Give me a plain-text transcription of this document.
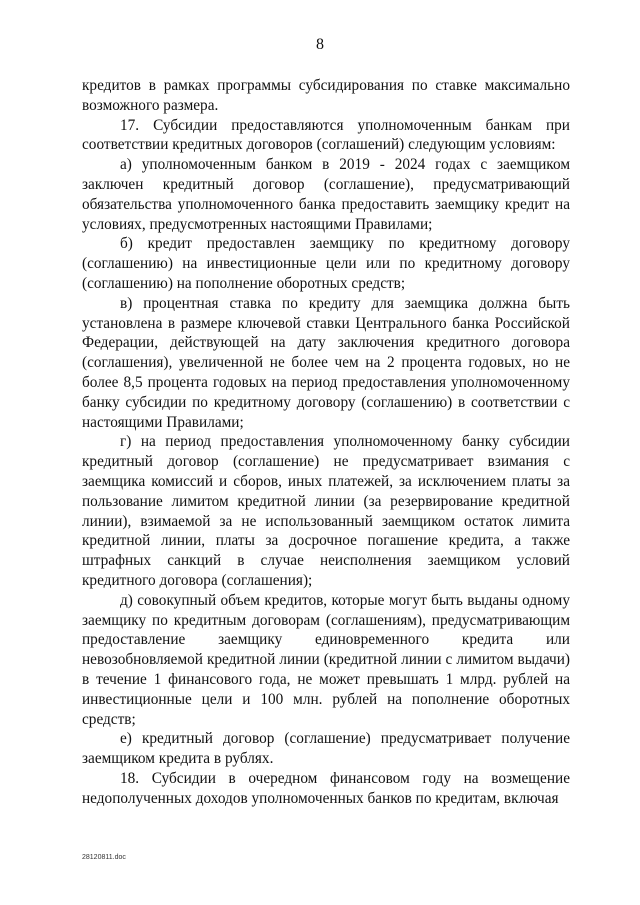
8

кредитов в рамках программы субсидирования по ставке максимально возможного размера.

17. Субсидии предоставляются уполномоченным банкам при соответствии кредитных договоров (соглашений) следующим условиям:

а) уполномоченным банком в 2019 - 2024 годах с заемщиком заключен кредитный договор (соглашение), предусматривающий обязательства уполномоченного банка предоставить заемщику кредит на условиях, предусмотренных настоящими Правилами;

б) кредит предоставлен заемщику по кредитному договору (соглашению) на инвестиционные цели или по кредитному договору (соглашению) на пополнение оборотных средств;

в) процентная ставка по кредиту для заемщика должна быть установлена в размере ключевой ставки Центрального банка Российской Федерации, действующей на дату заключения кредитного договора (соглашения), увеличенной не более чем на 2 процента годовых, но не более 8,5 процента годовых на период предоставления уполномоченному банку субсидии по кредитному договору (соглашению) в соответствии с настоящими Правилами;

г) на период предоставления уполномоченному банку субсидии кредитный договор (соглашение) не предусматривает взимания с заемщика комиссий и сборов, иных платежей, за исключением платы за пользование лимитом кредитной линии (за резервирование кредитной линии), взимаемой за не использованный заемщиком остаток лимита кредитной линии, платы за досрочное погашение кредита, а также штрафных санкций в случае неисполнения заемщиком условий кредитного договора (соглашения);

д) совокупный объем кредитов, которые могут быть выданы одному заемщику по кредитным договорам (соглашениям), предусматривающим предоставление заемщику единовременного кредита или невозобновляемой кредитной линии (кредитной линии с лимитом выдачи) в течение 1 финансового года, не может превышать 1 млрд. рублей на инвестиционные цели и 100 млн. рублей на пополнение оборотных средств;

е) кредитный договор (соглашение) предусматривает получение заемщиком кредита в рублях.

18. Субсидии в очередном финансовом году на возмещение недополученных доходов уполномоченных банков по кредитам, включая

28120811.doc
